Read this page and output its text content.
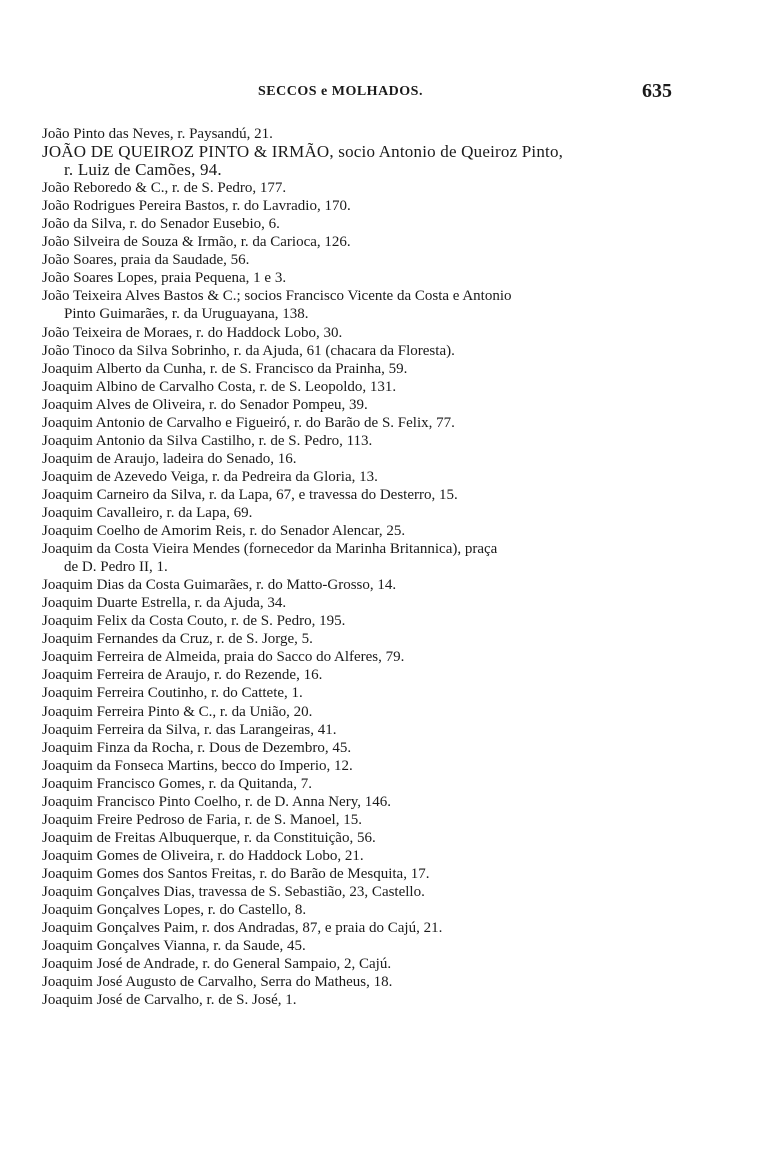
SECCOS e MOLHADOS.	635

João Pinto das Neves, r. Paysandú, 21.

JOÃO DE QUEIROZ PINTO & IRMÃO, socio Antonio de Queiroz Pinto,
r. Luiz de Camões, 94.

João Reboredo & C., r. de S. Pedro, 177.

João Rodrigues Pereira Bastos, r. do Lavradio, 170.

João da Silva, r. do Senador Eusebio, 6.

João Silveira de Souza & Irmão, r. da Carioca, 126.

João Soares, praia da Saudade, 56.

João Soares Lopes, praia Pequena, 1 e 3.

João Teixeira Alves Bastos & C.; socios Francisco Vicente da Costa e Antonio
Pinto Guimarães, r. da Uruguayana, 138.

João Teixeira de Moraes, r. do Haddock Lobo, 30.

João Tinoco da Silva Sobrinho, r. da Ajuda, 61 (chacara da Floresta).

Joaquim Alberto da Cunha, r. de S. Francisco da Prainha, 59.

Joaquim Albino de Carvalho Costa, r. de S. Leopoldo, 131.

Joaquim Alves de Oliveira, r. do Senador Pompeu, 39.

Joaquim Antonio de Carvalho e Figueiró, r. do Barão de S. Felix, 77.

Joaquim Antonio da Silva Castilho, r. de S. Pedro, 113.

Joaquim de Araujo, ladeira do Senado, 16.

Joaquim de Azevedo Veiga, r. da Pedreira da Gloria, 13.

Joaquim Carneiro da Silva, r. da Lapa, 67, e travessa do Desterro, 15.

Joaquim Cavalleiro, r. da Lapa, 69.

Joaquim Coelho de Amorim Reis, r. do Senador Alencar, 25.

Joaquim da Costa Vieira Mendes (fornecedor da Marinha Britannica), praça
de D. Pedro II, 1.

Joaquim Dias da Costa Guimarães, r. do Matto-Grosso, 14.

Joaquim Duarte Estrella, r. da Ajuda, 34.

Joaquim Felix da Costa Couto, r. de S. Pedro, 195.

Joaquim Fernandes da Cruz, r. de S. Jorge, 5.

Joaquim Ferreira de Almeida, praia do Sacco do Alferes, 79.

Joaquim Ferreira de Araujo, r. do Rezende, 16.

Joaquim Ferreira Coutinho, r. do Cattete, 1.

Joaquim Ferreira Pinto & C., r. da União, 20.

Joaquim Ferreira da Silva, r. das Larangeiras, 41.

Joaquim Finza da Rocha, r. Dous de Dezembro, 45.

Joaquim da Fonseca Martins, becco do Imperio, 12.

Joaquim Francisco Gomes, r. da Quitanda, 7.

Joaquim Francisco Pinto Coelho, r. de D. Anna Nery, 146.

Joaquim Freire Pedroso de Faria, r. de S. Manoel, 15.

Joaquim de Freitas Albuquerque, r. da Constituição, 56.

Joaquim Gomes de Oliveira, r. do Haddock Lobo, 21.

Joaquim Gomes dos Santos Freitas, r. do Barão de Mesquita, 17.

Joaquim Gonçalves Dias, travessa de S. Sebastião, 23, Castello.

Joaquim Gonçalves Lopes, r. do Castello, 8.

Joaquim Gonçalves Paim, r. dos Andradas, 87, e praia do Cajú, 21.

Joaquim Gonçalves Vianna, r. da Saude, 45.

Joaquim José de Andrade, r. do General Sampaio, 2, Cajú.

Joaquim José Augusto de Carvalho, Serra do Matheus, 18.

Joaquim José de Carvalho, r. de S. José, 1.
